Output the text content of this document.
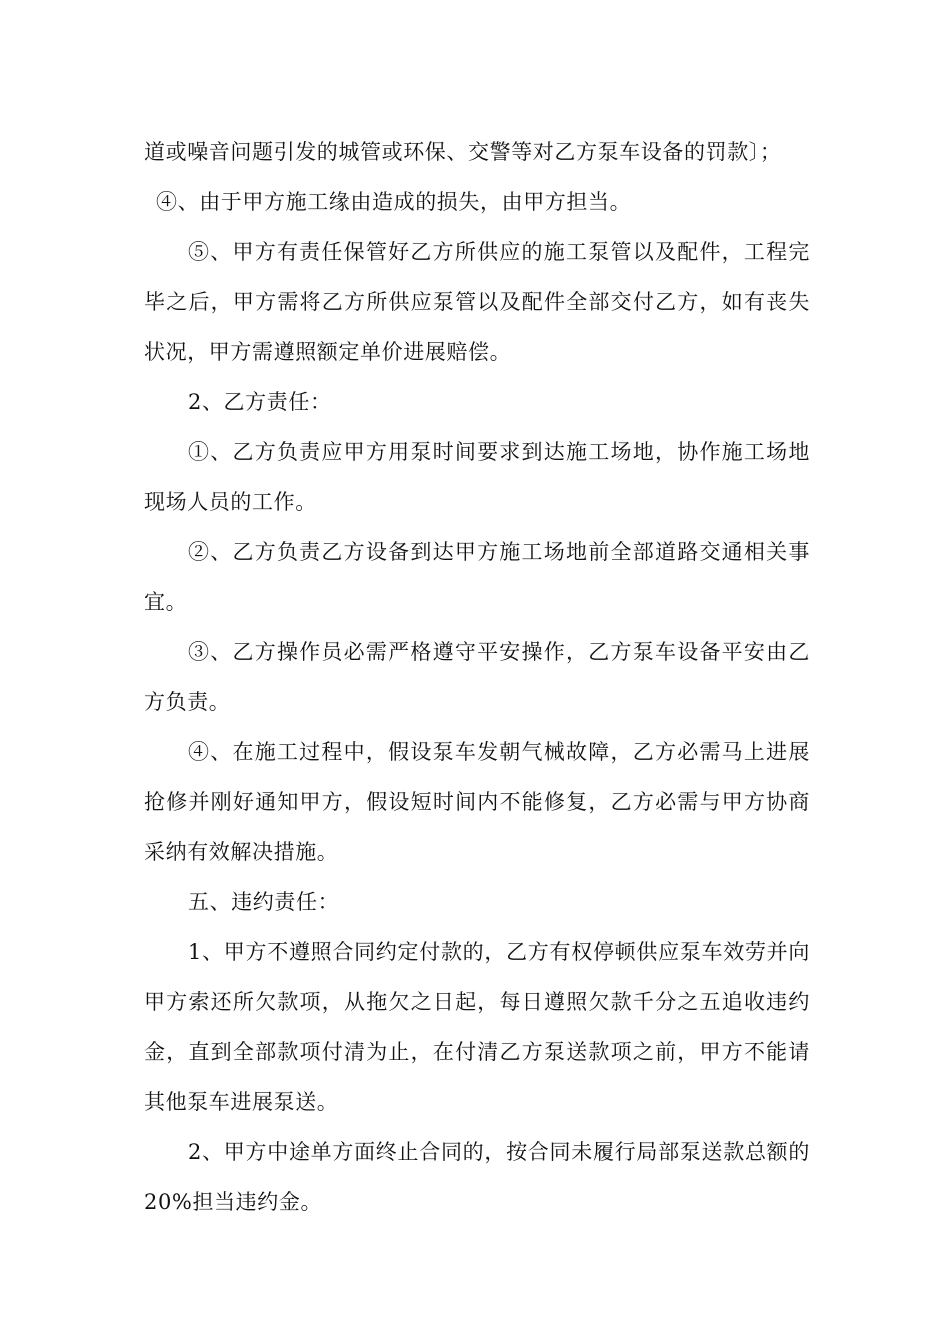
道或噪音问题引发的城管或环保、交警等对乙方泵车设备的罚款〕；

④、由于甲方施工缘由造成的损失，由甲方担当。

⑤、甲方有责任保管好乙方所供应的施工泵管以及配件，工程完毕之后，甲方需将乙方所供应泵管以及配件全部交付乙方，如有丧失状况，甲方需遵照额定单价进展赔偿。

2、乙方责任：

①、乙方负责应甲方用泵时间要求到达施工场地，协作施工场地现场人员的工作。

②、乙方负责乙方设备到达甲方施工场地前全部道路交通相关事宜。

③、乙方操作员必需严格遵守平安操作，乙方泵车设备平安由乙方负责。

④、在施工过程中，假设泵车发朝气械故障，乙方必需马上进展抢修并刚好通知甲方，假设短时间内不能修复，乙方必需与甲方协商采纳有效解决措施。

五、违约责任：

1、甲方不遵照合同约定付款的，乙方有权停顿供应泵车效劳并向甲方索还所欠款项，从拖欠之日起，每日遵照欠款千分之五追收违约金，直到全部款项付清为止，在付清乙方泵送款项之前，甲方不能请其他泵车进展泵送。

2、甲方中途单方面终止合同的，按合同未履行局部泵送款总额的20%担当违约金。
